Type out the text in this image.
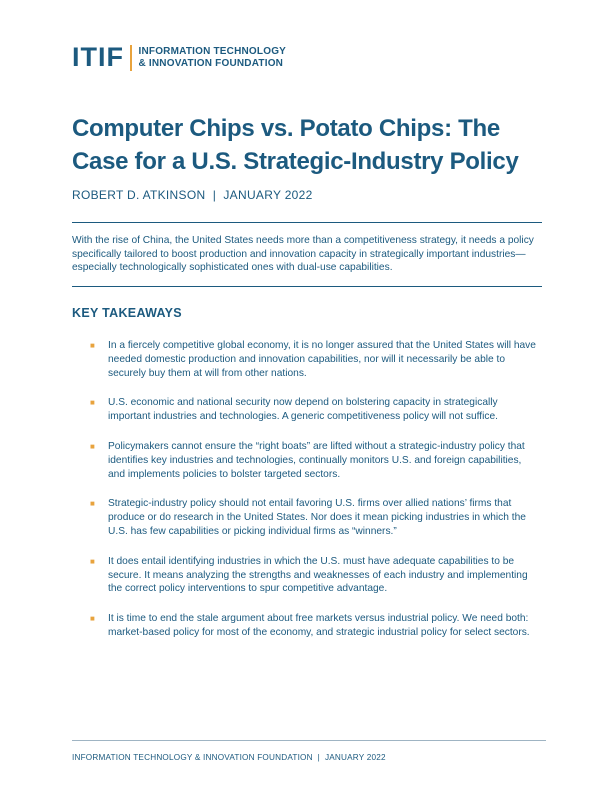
ITIF INFORMATION TECHNOLOGY
& INNOVATION FOUNDATION
Computer Chips vs. Potato Chips: The
Case for a U.S. Strategic-Industry Policy
ROBERT D. ATKINSON  |  JANUARY 2022

With the rise of China, the United States needs more than a competitiveness strategy, it needs a policy specifically tailored to boost production and innovation capacity in strategically important industries—especially technologically sophisticated ones with dual-use capabilities.

KEY TAKEAWAYS
■	In a fiercely competitive global economy, it is no longer assured that the United States will have needed domestic production and innovation capabilities, nor will it necessarily be able to securely buy them at will from other nations.
■	U.S. economic and national security now depend on bolstering capacity in strategically important industries and technologies. A generic competitiveness policy will not suffice.
■	Policymakers cannot ensure the “right boats” are lifted without a strategic-industry policy that identifies key industries and technologies, continually monitors U.S. and foreign capabilities, and implements policies to bolster targeted sectors.
■	Strategic-industry policy should not entail favoring U.S. firms over allied nations’ firms that produce or do research in the United States. Nor does it mean picking industries in which the U.S. has few capabilities or picking individual firms as “winners.”
■	It does entail identifying industries in which the U.S. must have adequate capabilities to be secure. It means analyzing the strengths and weaknesses of each industry and implementing the correct policy interventions to spur competitive advantage.
■	It is time to end the stale argument about free markets versus industrial policy. We need both: market-based policy for most of the economy, and strategic industrial policy for select sectors.
INFORMATION TECHNOLOGY & INNOVATION FOUNDATION  |  JANUARY 2022
